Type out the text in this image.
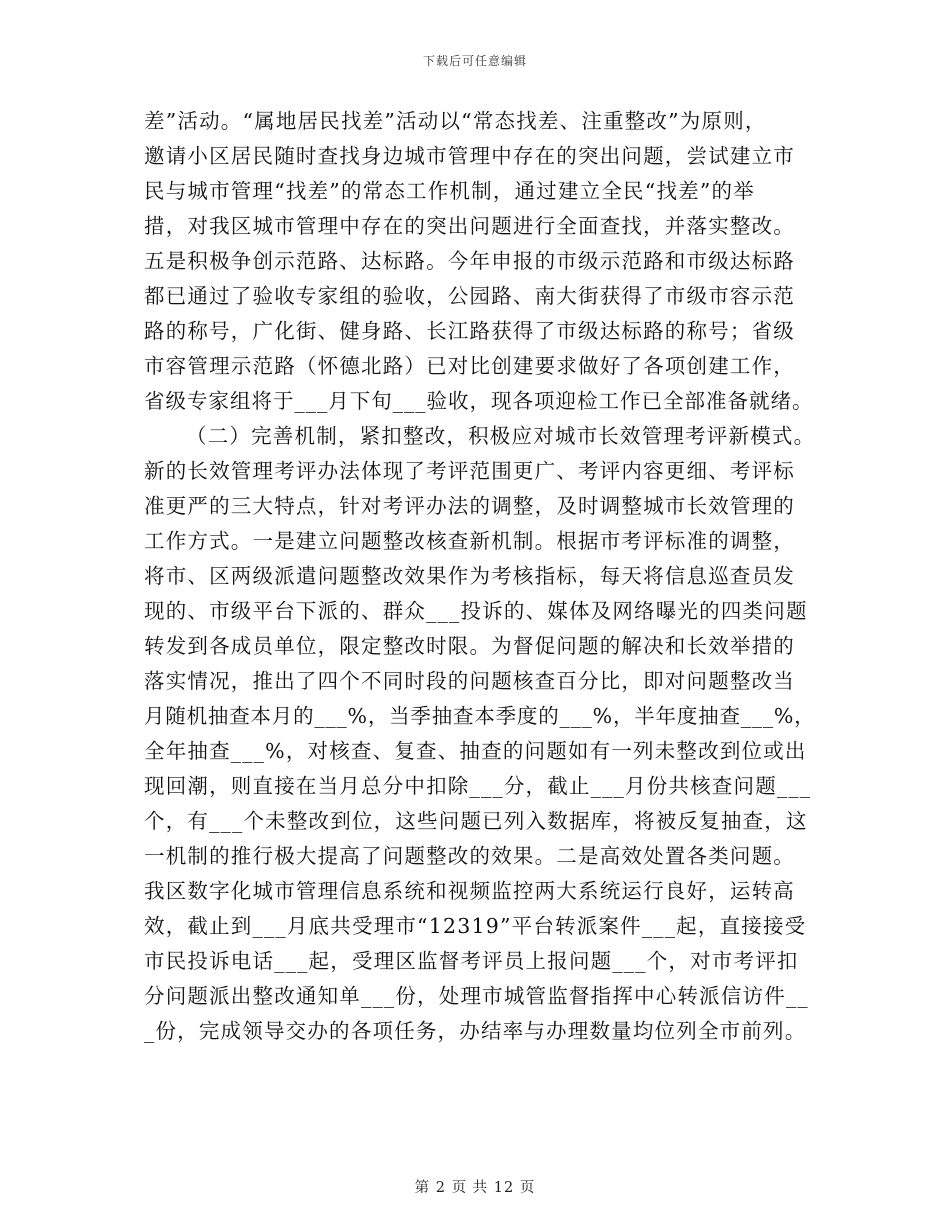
下载后可任意编辑
差”活动。“属地居民找差”活动以“常态找差、注重整改”为原则，
邀请小区居民随时查找身边城市管理中存在的突出问题，尝试建立市
民与城市管理“找差”的常态工作机制，通过建立全民“找差”的举
措，对我区城市管理中存在的突出问题进行全面查找，并落实整改。
五是积极争创示范路、达标路。今年申报的市级示范路和市级达标路
都已通过了验收专家组的验收，公园路、南大街获得了市级市容示范
路的称号，广化街、健身路、长江路获得了市级达标路的称号；省级
市容管理示范路（怀德北路）已对比创建要求做好了各项创建工作，
省级专家组将于___月下旬___验收，现各项迎检工作已全部准备就绪。
（二）完善机制，紧扣整改，积极应对城市长效管理考评新模式。
新的长效管理考评办法体现了考评范围更广、考评内容更细、考评标
准更严的三大特点，针对考评办法的调整，及时调整城市长效管理的
工作方式。一是建立问题整改核查新机制。根据市考评标准的调整，
将市、区两级派遣问题整改效果作为考核指标，每天将信息巡查员发
现的、市级平台下派的、群众___投诉的、媒体及网络曝光的四类问题
转发到各成员单位，限定整改时限。为督促问题的解决和长效举措的
落实情况，推出了四个不同时段的问题核查百分比，即对问题整改当
月随机抽查本月的___%，当季抽查本季度的___%，半年度抽查___%，
全年抽查___%，对核查、复查、抽查的问题如有一列未整改到位或出
现回潮，则直接在当月总分中扣除___分，截止___月份共核查问题___
个，有___个未整改到位，这些问题已列入数据库，将被反复抽查，这
一机制的推行极大提高了问题整改的效果。二是高效处置各类问题。
我区数字化城市管理信息系统和视频监控两大系统运行良好，运转高
效，截止到___月底共受理市“12319”平台转派案件___起，直接接受
市民投诉电话___起，受理区监督考评员上报问题___个，对市考评扣
分问题派出整改通知单___份，处理市城管监督指挥中心转派信访件__
_份，完成领导交办的各项任务，办结率与办理数量均位列全市前列。
第 2 页 共 12 页
